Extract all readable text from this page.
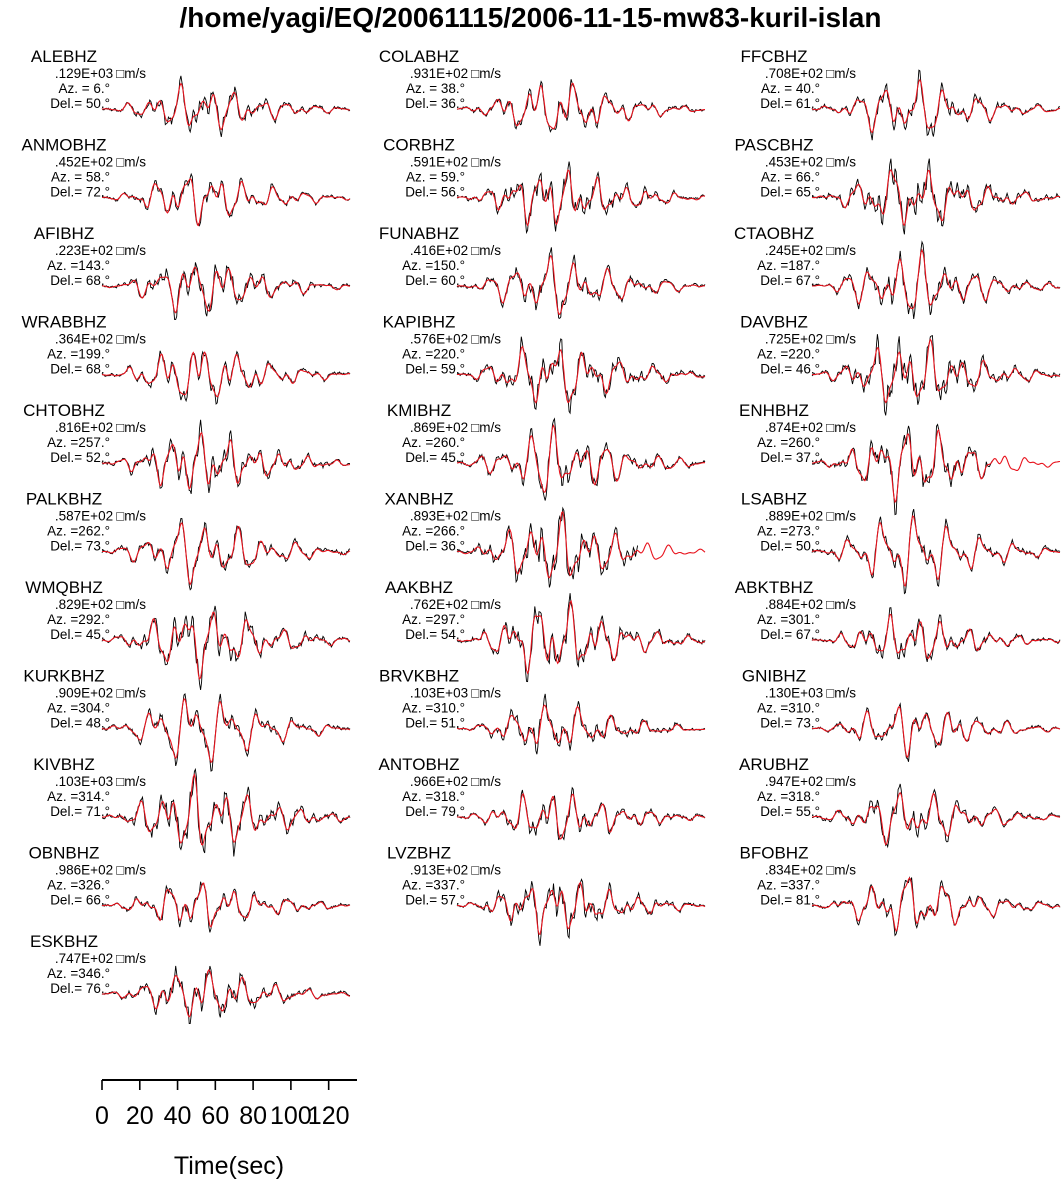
/home/yagi/EQ/20061115/2006-11-15-mw83-kuril-islan
ALEBHZ
.129E+03 □m/s
Az. = 6.°
Del.= 50.°
ANMOBHZ
.452E+02 □m/s
Az. = 58.°
Del.= 72.°
AFIBHZ
.223E+02 □m/s
Az. =143.°
Del.= 68.°
WRABBHZ
.364E+02 □m/s
Az. =199.°
Del.= 68.°
CHTOBHZ
.816E+02 □m/s
Az. =257.°
Del.= 52.°
PALKBHZ
.587E+02 □m/s
Az. =262.°
Del.= 73.°
WMQBHZ
.829E+02 □m/s
Az. =292.°
Del.= 45.°
KURKBHZ
.909E+02 □m/s
Az. =304.°
Del.= 48.°
KIVBHZ
.103E+03 □m/s
Az. =314.°
Del.= 71.°
OBNBHZ
.986E+02 □m/s
Az. =326.°
Del.= 66.°
ESKBHZ
.747E+02 □m/s
Az. =346.°
Del.= 76.°
COLABHZ
.931E+02 □m/s
Az. = 38.°
Del.= 36.°
CORBHZ
.591E+02 □m/s
Az. = 59.°
Del.= 56.°
FUNABHZ
.416E+02 □m/s
Az. =150.°
Del.= 60.°
KAPIBHZ
.576E+02 □m/s
Az. =220.°
Del.= 59.°
KMIBHZ
.869E+02 □m/s
Az. =260.°
Del.= 45.°
XANBHZ
.893E+02 □m/s
Az. =266.°
Del.= 36.°
AAKBHZ
.762E+02 □m/s
Az. =297.°
Del.= 54.°
BRVKBHZ
.103E+03 □m/s
Az. =310.°
Del.= 51.°
ANTOBHZ
.966E+02 □m/s
Az. =318.°
Del.= 79.°
LVZBHZ
.913E+02 □m/s
Az. =337.°
Del.= 57.°
FFCBHZ
.708E+02 □m/s
Az. = 40.°
Del.= 61.°
PASCBHZ
.453E+02 □m/s
Az. = 66.°
Del.= 65.°
CTAOBHZ
.245E+02 □m/s
Az. =187.°
Del.= 67.°
DAVBHZ
.725E+02 □m/s
Az. =220.°
Del.= 46.°
ENHBHZ
.874E+02 □m/s
Az. =260.°
Del.= 37.°
LSABHZ
.889E+02 □m/s
Az. =273.°
Del.= 50.°
ABKTBHZ
.884E+02 □m/s
Az. =301.°
Del.= 67.°
GNIBHZ
.130E+03 □m/s
Az. =310.°
Del.= 73.°
ARUBHZ
.947E+02 □m/s
Az. =318.°
Del.= 55.°
BFOBHZ
.834E+02 □m/s
Az. =337.°
Del.= 81.°
0 20 40 60 80 100
120
Time(sec)
